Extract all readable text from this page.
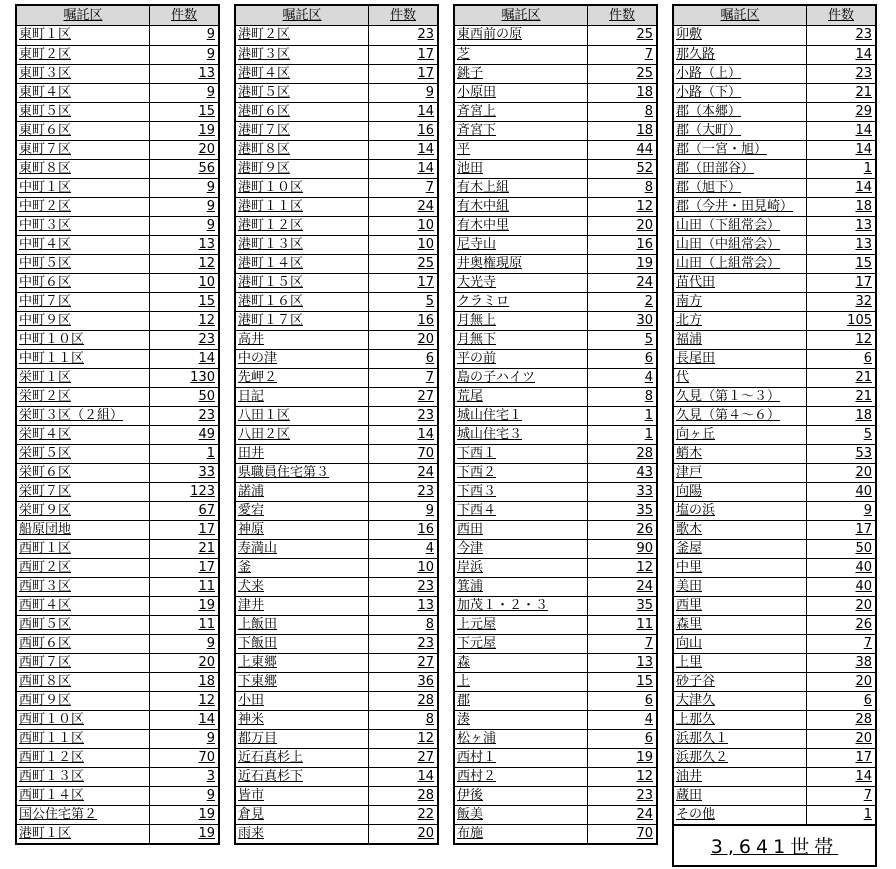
嘱託区	件数
東町１区	9
東町２区	9
東町３区	13
東町４区	9
東町５区	15
東町６区	19
東町７区	20
東町８区	56
中町１区	9
中町２区	9
中町３区	9
中町４区	13
中町５区	12
中町６区	10
中町７区	15
中町９区	12
中町１０区	23
中町１１区	14
栄町１区	130
栄町２区	50
栄町３区（２組）	23
栄町４区	49
栄町５区	1
栄町６区	33
栄町７区	123
栄町９区	67
船原団地	17
西町１区	21
西町２区	17
西町３区	11
西町４区	19
西町５区	11
西町６区	9
西町７区	20
西町８区	18
西町９区	12
西町１０区	14
西町１１区	9
西町１２区	70
西町１３区	3
西町１４区	9
国公住宅第２	19
港町１区	19
嘱託区	件数
港町２区	23
港町３区	17
港町４区	17
港町５区	9
港町６区	14
港町７区	16
港町８区	14
港町９区	14
港町１０区	7
港町１１区	24
港町１２区	10
港町１３区	10
港町１４区	25
港町１５区	17
港町１６区	5
港町１７区	16
高井	20
中の津	6
先岬２	7
日記	27
八田１区	23
八田２区	14
田井	70
県職員住宅第３	24
諾浦	23
愛宕	9
神原	16
寿満山	4
釜	10
犬来	23
津井	13
上飯田	8
下飯田	23
上東郷	27
下東郷	36
小田	28
神米	8
都万目	12
近石真杉上	27
近石真杉下	14
皆市	28
倉見	22
雨来	20
嘱託区	件数
東西前の原	25
芝	7
銚子	25
小原田	18
斉宮上	8
斉宮下	18
平	44
池田	52
有木上組	8
有木中組	12
有木中里	20
尼寺山	16
井奥権現原	19
大光寺	24
クラミロ	2
月無上	30
月無下	5
平の前	6
島の子ハイツ	4
荒尾	8
城山住宅１	1
城山住宅３	1
下西１	28
下西２	43
下西３	33
下西４	35
西田	26
今津	90
岸浜	12
箕浦	24
加茂１・２・３	35
上元屋	11
下元屋	7
森	13
上	15
郡	6
湊	4
松ヶ浦	6
西村１	19
西村２	12
伊後	23
飯美	24
布施	70
嘱託区	件数
卯敷	23
那久路	14
小路（上）	23
小路（下）	21
郡（本郷）	29
郡（大町）	14
郡（一宮・旭）	14
郡（田部谷）	1
郡（旭下）	14
郡（今井・田見崎）	18
山田（下組常会）	13
山田（中組常会）	13
山田（上組常会）	15
苗代田	17
南方	32
北方	105
福浦	12
長尾田	6
代	21
久見（第１～３）	21
久見（第４～６）	18
向ヶ丘	5
蛸木	53
津戸	20
向陽	40
塩の浜	9
歌木	17
釜屋	50
中里	40
美田	40
西里	20
森里	26
向山	7
上里	38
砂子谷	20
大津久	6
上那久	28
浜那久１	20
浜那久２	17
油井	14
蔵田	7
その他	1
3,641世帯
